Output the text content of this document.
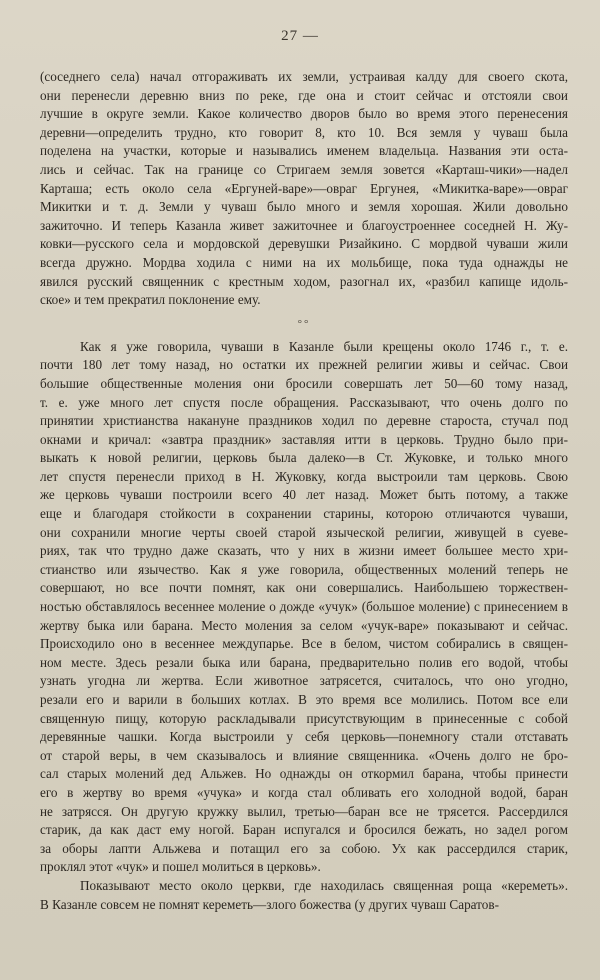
27 —
(соседнего села) начал отгораживать их земли, устраивая калду для своего скота,
они перенесли деревню вниз по реке, где она и стоит сейчас и отстояли свои
лучшие в округе земли. Какое количество дворов было во время этого перенесения
деревни—определить трудно, кто говорит 8, кто 10. Вся земля у чуваш была
поделена на участки, которые и назывались именем владельца. Названия эти оста-
лись и сейчас. Так на границе со Стригаем земля зовется «Карташ-чики»—надел
Карташа; есть около села «Ергуней-варе»—овраг Ергунея, «Микитка-варе»—овраг
Микитки и т. д. Земли у чуваш было много и земля хорошая. Жили довольно
зажиточно. И теперь Казанла живет зажиточнее и благоустроеннее соседней Н. Жу-
ковки—русского села и мордовской деревушки Ризайкино. С мордвой чуваши жили
всегда дружно. Мордва ходила с ними на их мольбище, пока туда однажды не
явился русский священник с крестным ходом, разогнал их, «разбил капище идоль-
ское» и тем прекратил поклонение ему.
°°
Как я уже говорила, чуваши в Казанле были крещены около 1746 г., т. е.
почти 180 лет тому назад, но остатки их прежней религии живы и сейчас. Свои
большие общественные моления они бросили совершать лет 50—60 тому назад,
т. е. уже много лет спустя после обращения. Рассказывают, что очень долго по
принятии христианства накануне праздников ходил по деревне староста, стучал под
окнами и кричал: «завтра праздник» заставляя итти в церковь. Трудно было при-
выкать к новой религии, церковь была далеко—в Ст. Жуковке, и только много
лет спустя перенесли приход в Н. Жуковку, когда выстроили там церковь. Свою
же церковь чуваши построили всего 40 лет назад. Может быть потому, а также
еще и благодаря стойкости в сохранении старины, которою отличаются чуваши,
они сохранили многие черты своей старой языческой религии, живущей в суеве-
риях, так что трудно даже сказать, что у них в жизни имеет большее место хри-
стианство или язычество. Как я уже говорила, общественных молений теперь не
совершают, но все почти помнят, как они совершались. Наибольшею торжествен-
ностью обставлялось весеннее моление о дожде «учук» (большое моление) с принесением в
жертву быка или барана. Место моления за селом «учук-варе» показывают и сейчас.
Происходило оно в весеннее междупарье. Все в белом, чистом собирались в священ-
ном месте. Здесь резали быка или барана, предварительно полив его водой, чтобы
узнать угодна ли жертва. Если животное затрясется, считалось, что оно угодно,
резали его и варили в больших котлах. В это время все молились. Потом все ели
священную пищу, которую раскладывали присутствующим в принесенные с собой
деревянные чашки. Когда выстроили у себя церковь—понемногу стали отставать
от старой веры, в чем сказывалось и влияние священника. «Очень долго не бро-
сал старых молений дед Альжев. Но однажды он откормил барана, чтобы принести
его в жертву во время «учука» и когда стал обливать его холодной водой, баран
не затрясся. Он другую кружку вылил, третью—баран все не трясется. Рассердился
старик, да как даст ему ногой. Баран испугался и бросился бежать, но задел рогом
за оборы лапти Альжева и потащил его за собою. Ух как рассердился старик,
проклял этот «чук» и пошел молиться в церковь».
Показывают место около церкви, где находилась священная роща «кереметь».
В Казанле совсем не помнят кереметь—злого божества (у других чуваш Саратов-
